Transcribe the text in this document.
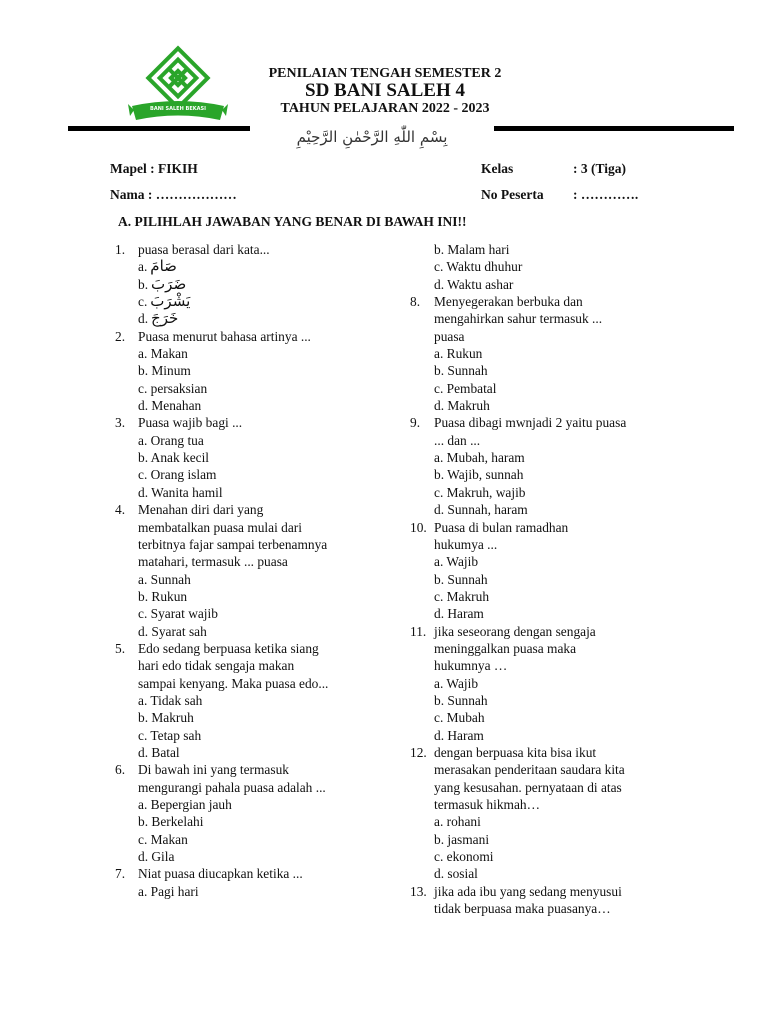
BANI SALEH BEKASI
PENILAIAN TENGAH SEMESTER 2
SD BANI SALEH 4
TAHUN PELAJARAN 2022 - 2023
بِسْمِ اللّٰهِ الرَّحْمٰنِ الرَّحِيْمِ
Mapel : FIKIH
Nama : ………………
Kelas	: 3 (Tiga)
No Peserta : ………….
A. PILIHLAH JAWABAN YANG BENAR DI BAWAH INI!!
1. puasa berasal dari kata...
a. صَامَ
b. ضَرَبَ
c. يَشْرَبَ
d. خَرَجَ
2. Puasa menurut bahasa artinya ...
a. Makan
b. Minum
c. persaksian
d. Menahan
3. Puasa wajib bagi ...
a. Orang tua
b. Anak kecil
c. Orang islam
d. Wanita hamil
4. Menahan diri dari yang
membatalkan puasa mulai dari
terbitnya fajar sampai terbenamnya
matahari, termasuk ... puasa
a. Sunnah
b. Rukun
c. Syarat wajib
d. Syarat sah
5. Edo sedang berpuasa ketika siang
hari edo tidak sengaja makan
sampai kenyang. Maka puasa edo...
a. Tidak sah
b. Makruh
c. Tetap sah
d. Batal
6. Di bawah ini yang termasuk
mengurangi pahala puasa adalah ...
a. Bepergian jauh
b. Berkelahi
c. Makan
d. Gila
7. Niat puasa diucapkan ketika ...
a. Pagi hari
b. Malam hari
c. Waktu dhuhur
d. Waktu ashar
8. Menyegerakan berbuka dan
mengahirkan sahur termasuk ...
puasa
a. Rukun
b. Sunnah
c. Pembatal
d. Makruh
9. Puasa dibagi mwnjadi 2 yaitu puasa
... dan ...
a. Mubah, haram
b. Wajib, sunnah
c. Makruh, wajib
d. Sunnah, haram
10. Puasa di bulan ramadhan
hukumya ...
a. Wajib
b. Sunnah
c. Makruh
d. Haram
11. jika seseorang dengan sengaja
meninggalkan puasa maka
hukumnya …
a. Wajib
b. Sunnah
c. Mubah
d. Haram
12. dengan berpuasa kita bisa ikut
merasakan penderitaan saudara kita
yang kesusahan. pernyataan di atas
termasuk hikmah…
a. rohani
b. jasmani
c. ekonomi
d. sosial
13. jika ada ibu yang sedang menyusui
tidak berpuasa maka puasanya…
